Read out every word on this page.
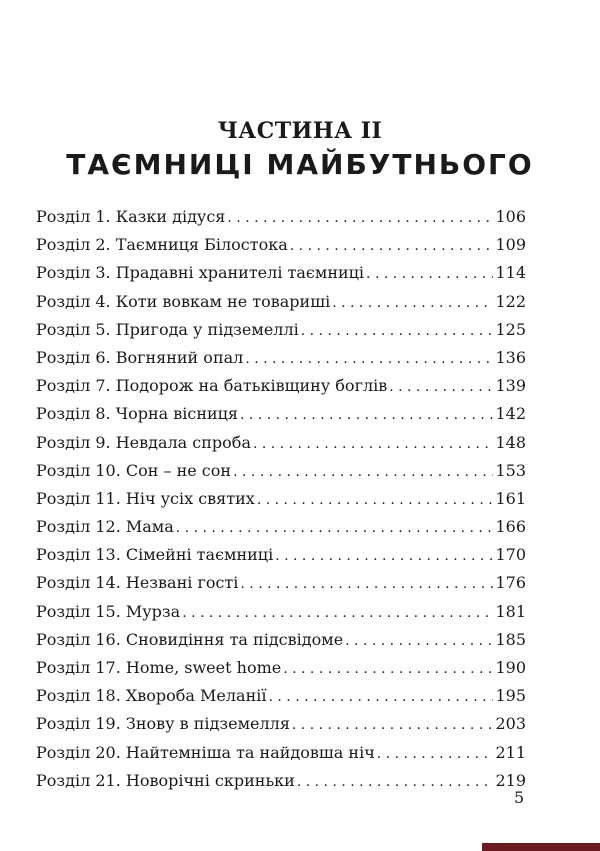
ЧАСТИНА ІІ
ТАЄМНИЦІ МАЙБУТНЬОГО
Розділ 1. Казки дідуся . . .	106
Розділ 2. Таємниця Білостока . . .	109
Розділ 3. Прадавні хранителі таємниці . . .	114
Розділ 4. Коти вовкам не товариші . . .	122
Розділ 5. Пригода у підземеллі . . .	125
Розділ 6. Вогняний опал . . .	136
Розділ 7. Подорож на батьківщину боглів . . .	139
Розділ 8. Чорна вісниця . . .	142
Розділ 9. Невдала спроба . . .	148
Розділ 10. Сон – не сон . . .	153
Розділ 11. Ніч усіх святих . . .	161
Розділ 12. Мама . . .	166
Розділ 13. Сімейні таємниці . . .	170
Розділ 14. Незвані гості . . .	176
Розділ 15. Мурза . . .	181
Розділ 16. Сновидіння та підсвідоме . . .	185
Розділ 17. Home, sweet home . . .	190
Розділ 18. Хвороба Меланії . . .	195
Розділ 19. Знову в підземелля . . .	203
Розділ 20. Найтемніша та найдовша ніч . . .	211
Розділ 21. Новорічні скриньки . . .	219
5
